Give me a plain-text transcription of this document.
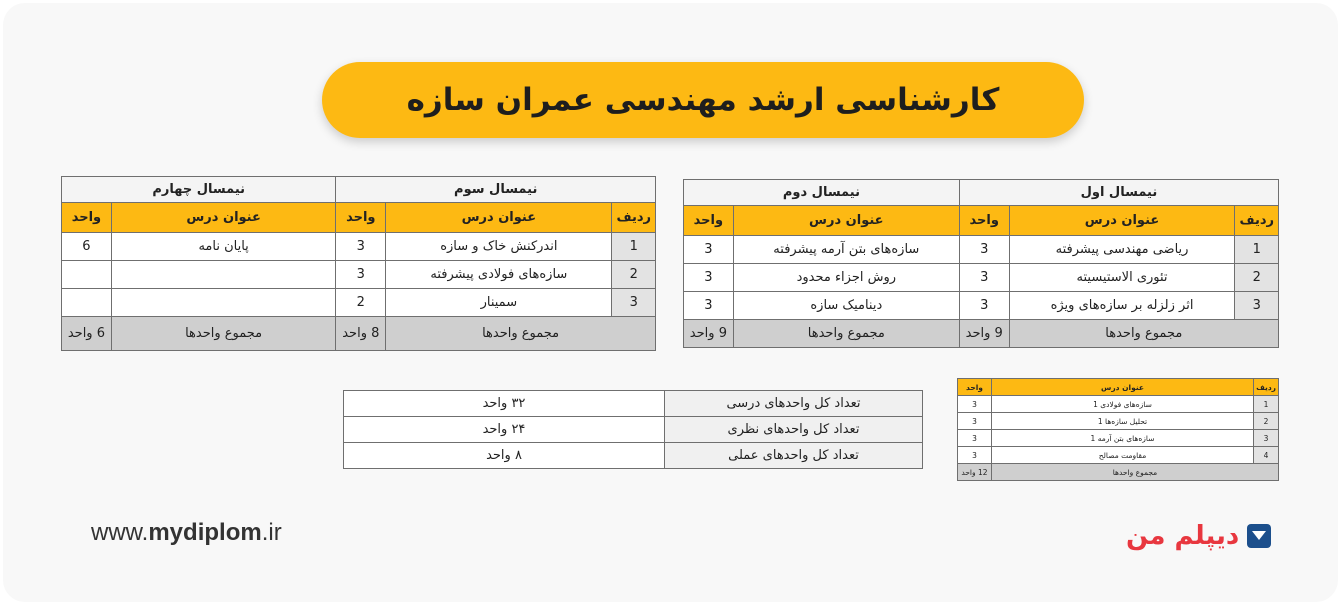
کارشناسی ارشد مهندسی عمران سازه
نیمسال اول			نیمسال دوم	
ردیف	عنوان درس	واحد	عنوان درس	واحد
1	ریاضی مهندسی پیشرفته	3	سازه‌های بتن آرمه پیشرفته	3
2	تئوری الاستیسیته	3	روش اجزاء محدود	3
3	اثر زلزله بر سازه‌های ویژه	3	دینامیک سازه	3
مجموع واحدها		9 واحد	مجموع واحدها	9 واحد
نیمسال سوم			نیمسال چهارم	
ردیف	عنوان درس	واحد	عنوان درس	واحد
1	اندرکنش خاک و سازه	3	پایان نامه	6
2	سازه‌های فولادی پیشرفته	3		
3	سمینار	2		
مجموع واحدها		8 واحد	مجموع واحدها	6 واحد
تعداد کل واحدهای درسی	۳۲ واحد
تعداد کل واحدهای نظری	۲۴ واحد
تعداد کل واحدهای عملی	۸ واحد
ردیف	عنوان درس	واحد
1	سازه‌های فولادی 1	3
2	تحلیل سازه‌ها 1	3
3	سازه‌های بتن آرمه 1	3
4	مقاومت مصالح	3
مجموع واحدها		12 واحد
www.mydiplom.ir	دیپلم من
